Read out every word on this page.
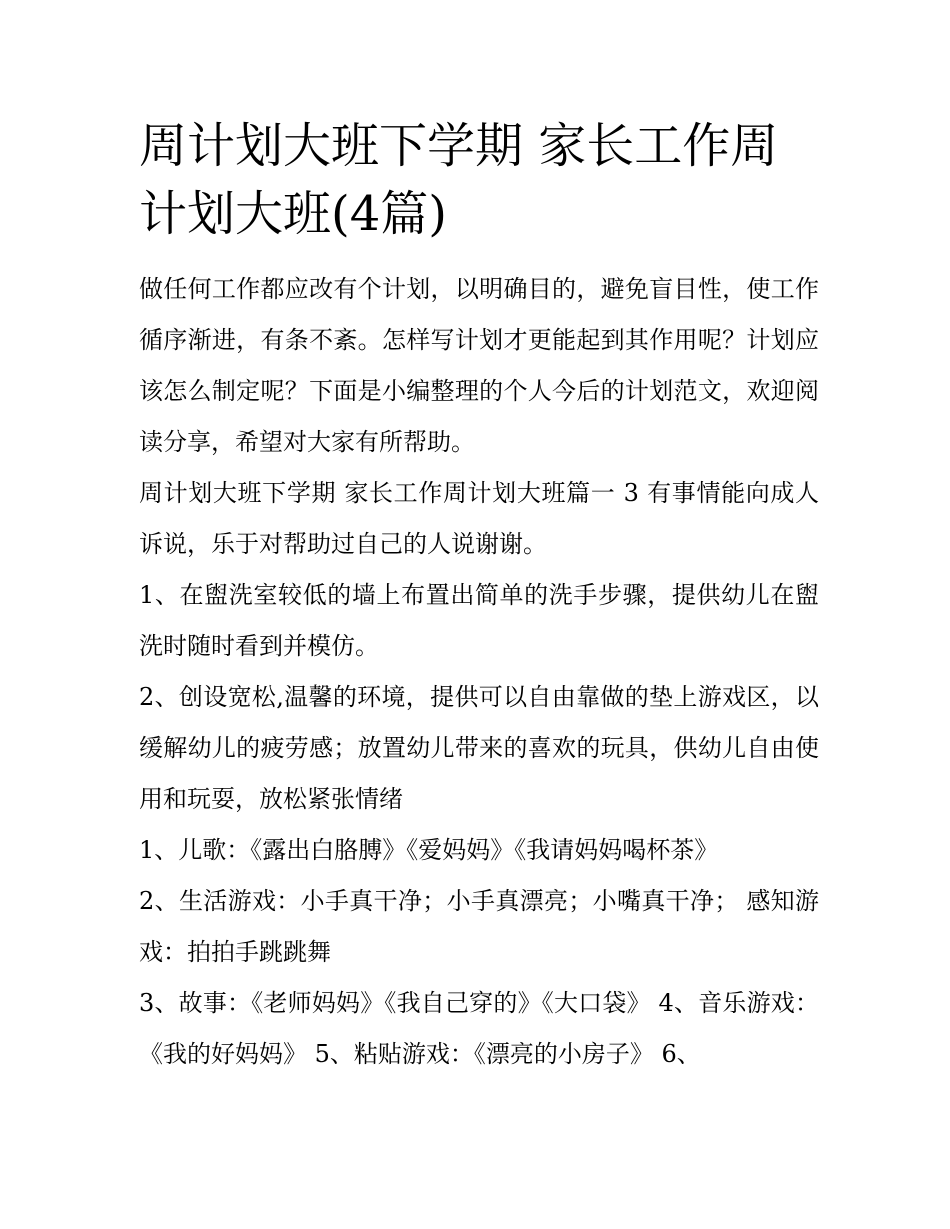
周计划大班下学期 家长工作周计划大班(4篇)

做任何工作都应改有个计划，以明确目的，避免盲目性，使工作循序渐进，有条不紊。怎样写计划才更能起到其作用呢？计划应该怎么制定呢？下面是小编整理的个人今后的计划范文，欢迎阅读分享，希望对大家有所帮助。

周计划大班下学期 家长工作周计划大班篇一 3 有事情能向成人诉说，乐于对帮助过自己的人说谢谢。

1、在盥洗室较低的墙上布置出简单的洗手步骤，提供幼儿在盥洗时随时看到并模仿。

2、创设宽松,温馨的环境，提供可以自由靠做的垫上游戏区，以缓解幼儿的疲劳感；放置幼儿带来的喜欢的玩具，供幼儿自由使用和玩耍，放松紧张情绪

1、儿歌：《露出白胳膊》《爱妈妈》《我请妈妈喝杯茶》

2、生活游戏：小手真干净；小手真漂亮；小嘴真干净； 感知游戏：拍拍手跳跳舞

3、故事：《老师妈妈》《我自己穿的》《大口袋》 4、音乐游戏：《我的好妈妈》 5、粘贴游戏：《漂亮的小房子》 6、
